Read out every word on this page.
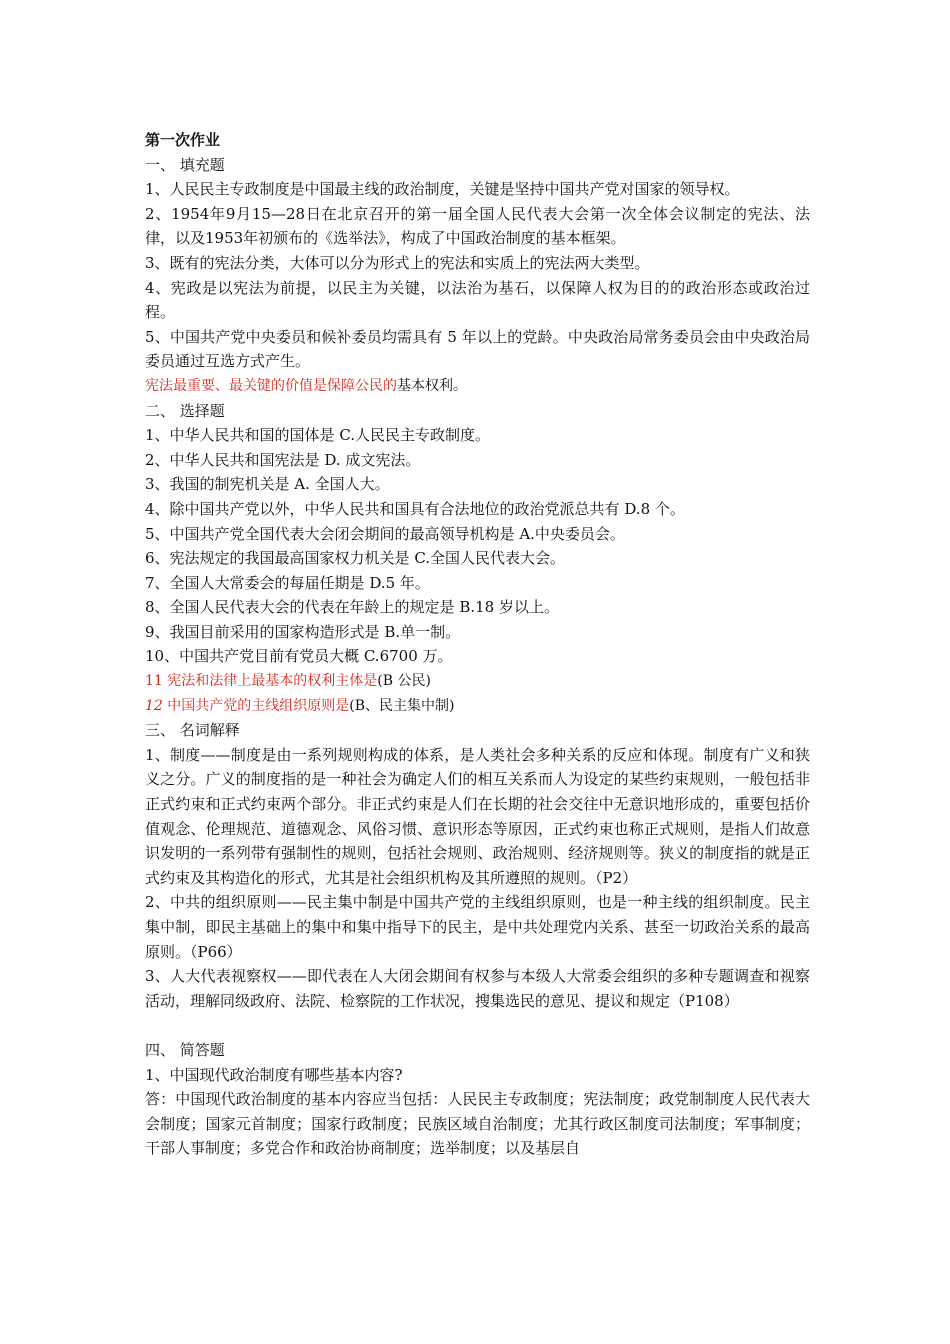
第一次作业
一、 填充题
1、人民民主专政制度是中国最主线的政治制度，关键是坚持中国共产党对国家的领导权。
2、1954年9月15—28日在北京召开的第一届全国人民代表大会第一次全体会议制定的宪法、法律，以及1953年初颁布的《选举法》，构成了中国政治制度的基本框架。
3、既有的宪法分类，大体可以分为形式上的宪法和实质上的宪法两大类型。
4、宪政是以宪法为前提，以民主为关键，以法治为基石，以保障人权为目的的政治形态或政治过程。
5、中国共产党中央委员和候补委员均需具有 5 年以上的党龄。中央政治局常务委员会由中央政治局委员通过互选方式产生。
宪法最重要、最关键的价值是保障公民的基本权利。
二、 选择题
1、中华人民共和国的国体是 C.人民民主专政制度。
2、中华人民共和国宪法是 D. 成文宪法。
3、我国的制宪机关是 A. 全国人大。
4、除中国共产党以外，中华人民共和国具有合法地位的政治党派总共有 D.8 个。
5、中国共产党全国代表大会闭会期间的最高领导机构是 A.中央委员会。
6、宪法规定的我国最高国家权力机关是 C.全国人民代表大会。
7、全国人大常委会的每届任期是 D.5 年。
8、全国人民代表大会的代表在年龄上的规定是 B.18 岁以上。
9、我国目前采用的国家构造形式是 B.单一制。
10、中国共产党目前有党员大概 C.6700 万。
11 宪法和法律上最基本的权利主体是(B 公民)
12 中国共产党的主线组织原则是(B、民主集中制)
三、 名词解释
1、制度——制度是由一系列规则构成的体系，是人类社会多种关系的反应和体现。制度有广义和狭义之分。广义的制度指的是一种社会为确定人们的相互关系而人为设定的某些约束规则，一般包括非正式约束和正式约束两个部分。非正式约束是人们在长期的社会交往中无意识地形成的，重要包括价值观念、伦理规范、道德观念、风俗习惯、意识形态等原因，正式约束也称正式规则，是指人们故意识发明的一系列带有强制性的规则，包括社会规则、政治规则、经济规则等。狭义的制度指的就是正式约束及其构造化的形式，尤其是社会组织机构及其所遵照的规则。（P2）
2、中共的组织原则——民主集中制是中国共产党的主线组织原则，也是一种主线的组织制度。民主集中制，即民主基础上的集中和集中指导下的民主，是中共处理党内关系、甚至一切政治关系的最高原则。（P66）
3、人大代表视察权——即代表在人大闭会期间有权参与本级人大常委会组织的多种专题调查和视察活动，理解同级政府、法院、检察院的工作状况，搜集选民的意见、提议和规定（P108）
四、 简答题
1、中国现代政治制度有哪些基本内容?
答：中国现代政治制度的基本内容应当包括：人民民主专政制度；宪法制度；政党制制度人民代表大会制度；国家元首制度；国家行政制度；民族区域自治制度；尤其行政区制度司法制度；军事制度；干部人事制度；多党合作和政治协商制度；选举制度；以及基层自
